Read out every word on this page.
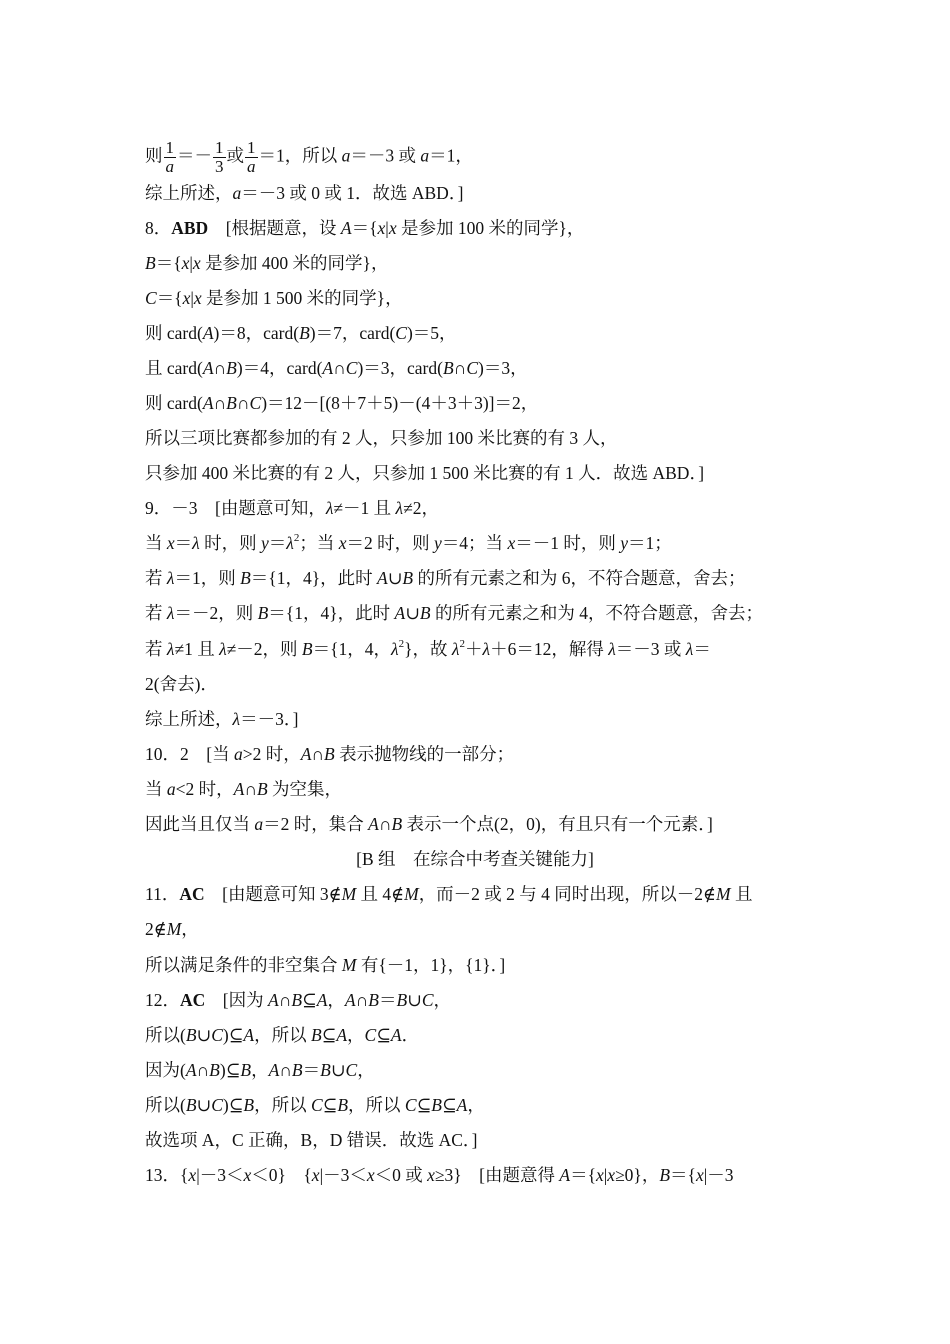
则 $\frac{1}{a} =- \frac{1}{3}$ 或 $\frac{1}{a} =1$，所以 a＝－3 或 a＝1，
综上所述，a＝－3 或 0 或 1．故选 ABD．]
8．ABD　[根据题意，设 A＝{x|x 是参加 100 米的同学}，
B＝{x|x 是参加 400 米的同学}，
C＝{x|x 是参加 1 500 米的同学}，
则 card(A)＝8，card(B)＝7，card(C)＝5，
且 card(A∩B)＝4，card(A∩C)＝3，card(B∩C)＝3，
则 card(A∩B∩C)＝12－[(8＋7＋5)－(4＋3＋3)]＝2，
所以三项比赛都参加的有 2 人，只参加 100 米比赛的有 3 人，
只参加 400 米比赛的有 2 人，只参加 1 500 米比赛的有 1 人．故选 ABD．]
9．－3　[由题意可知，λ≠－1 且 λ≠2，
当 x＝λ 时，则 $y=\lambda^2$；当 x＝2 时，则 y＝4；当 x＝－1 时，则 y＝1；
若 λ＝1，则 B＝{1，4}，此时 A∪B 的所有元素之和为 6，不符合题意，舍去；
若 λ＝－2，则 B＝{1，4}，此时 A∪B 的所有元素之和为 4，不符合题意，舍去；
若 λ≠1 且 λ≠－2，则 B＝{1，4，$\lambda^2$}，故 $\lambda^2+\lambda+6=12$，解得 λ＝－3 或 λ＝
2(舍去)．
综上所述，λ＝－3．]
10．2　[当 a>2 时，A∩B 表示抛物线的一部分；
当 a<2 时，A∩B 为空集，
因此当且仅当 a＝2 时，集合 A∩B 表示一个点(2，0)，有且只有一个元素．]
[B 组　在综合中考查关键能力]
11．AC　[由题意可知 3∉M 且 4∉M，而－2 或 2 与 4 同时出现，所以－2∉M 且
2∉M，
所以满足条件的非空集合 M 有{－1，1}，{1}．]
12．AC　[因为 A∩B⊆A，A∩B＝B∪C，
所以(B∪C)⊆A，所以 B⊆A，C⊆A．
因为(A∩B)⊆B，A∩B＝B∪C，
所以(B∪C)⊆B，所以 C⊆B，所以 C⊆B⊆A，
故选项 A，C 正确，B，D 错误．故选 AC．]
13．{x|－3＜x＜0}　{x|－3＜x＜0 或 x≥3}　[由题意得 A＝{x|x≥0}，B＝{x|－3
